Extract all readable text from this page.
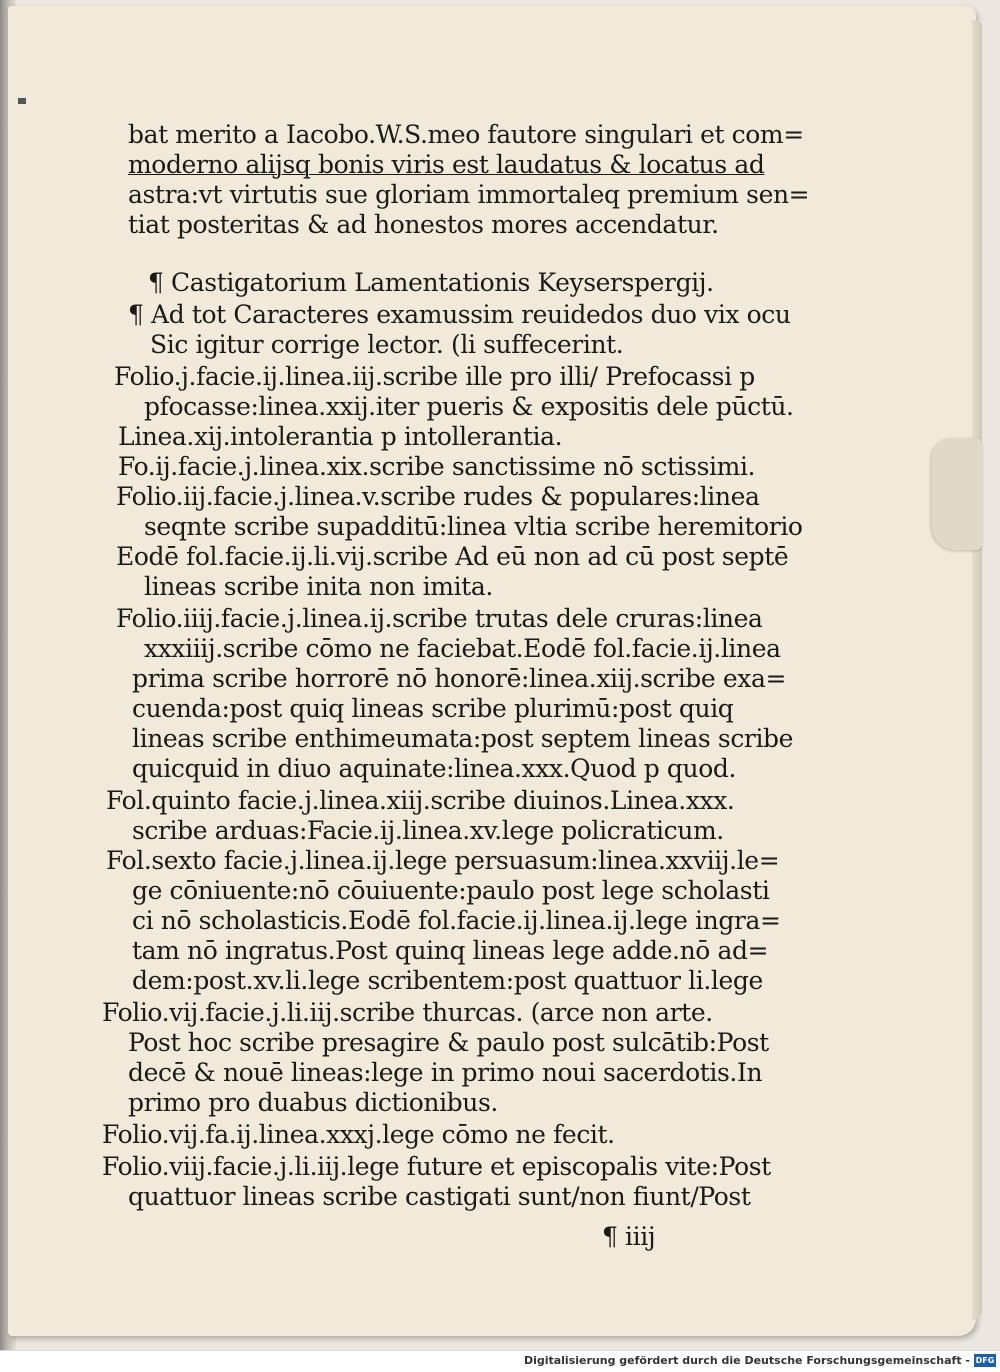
bat merito a Iacobo.W.S.meo fautore singulari et com=
moderno alijsq bonis viris est laudatus & locatus ad
astra:vt virtutis sue gloriam immortaleq premium sen=
tiat posteritas & ad honestos mores accendatur.
¶ Castigatorium Lamentationis Keyserspergij.
¶ Ad tot Caracteres examussim reuidedos duo vix ocu
Sic igitur corrige lector. (li suffecerint.
Folio.j.facie.ij.linea.iij.scribe ille pro illi/ Prefocassi p
pfocasse:linea.xxij.iter pueris & expositis dele pūctū.
Linea.xij.intolerantia p intollerantia.
Fo.ij.facie.j.linea.xix.scribe sanctissime nō sctissimi.
Folio.iij.facie.j.linea.v.scribe rudes & populares:linea
seqnte scribe supadditū:linea vltia scribe heremitorio
Eodē fol.facie.ij.li.vij.scribe Ad eū non ad cū post septē
lineas scribe inita non imita.
Folio.iiij.facie.j.linea.ij.scribe trutas dele cruras:linea
xxxiiij.scribe cōmo ne faciebat.Eodē fol.facie.ij.linea
prima scribe horrorē nō honorē:linea.xiij.scribe exa=
cuenda:post quiq lineas scribe plurimū:post quiq
lineas scribe enthimeumata:post septem lineas scribe
quicquid in diuo aquinate:linea.xxx.Quod p quod.
Fol.quinto facie.j.linea.xiij.scribe diuinos.Linea.xxx.
scribe arduas:Facie.ij.linea.xv.lege policraticum.
Fol.sexto facie.j.linea.ij.lege persuasum:linea.xxviij.le=
ge cōniuente:nō cōuiuente:paulo post lege scholasti
ci nō scholasticis.Eodē fol.facie.ij.linea.ij.lege ingra=
tam nō ingratus.Post quinq lineas lege adde.nō ad=
dem:post.xv.li.lege scribentem:post quattuor li.lege
Folio.vij.facie.j.li.iij.scribe thurcas. (arce non arte.
Post hoc scribe presagire & paulo post sulcātib:Post
decē & nouē lineas:lege in primo noui sacerdotis.In
primo pro duabus dictionibus.
Folio.vij.fa.ij.linea.xxxj.lege cōmo ne fecit.
Folio.viij.facie.j.li.iij.lege future et episcopalis vite:Post
quattuor lineas scribe castigati sunt/non fiunt/Post
¶ iiij
Digitalisierung gefördert durch die Deutsche Forschungsgemeinschaft - DFG
